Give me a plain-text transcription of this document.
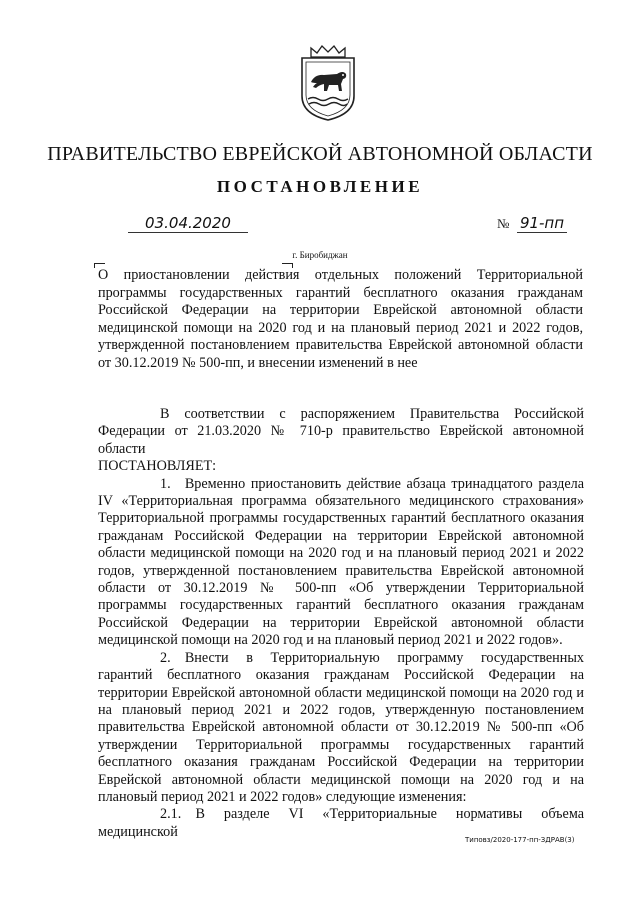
ПРАВИТЕЛЬСТВО ЕВРЕЙСКОЙ АВТОНОМНОЙ ОБЛАСТИ
ПОСТАНОВЛЕНИЕ
03.04.2020	№ 91-пп
г. Биробиджан
О приостановлении действия отдельных положений Территориальной программы государственных гарантий бесплатного оказания гражданам Российской Федерации на территории Еврейской автономной области медицинской помощи на 2020 год и на плановый период 2021 и 2022 годов, утвержденной постановлением правительства Еврейской автономной области от 30.12.2019 № 500-пп, и внесении изменений в нее

В соответствии с распоряжением Правительства Российской Федерации от 21.03.2020 № 710-р правительство Еврейской автономной области

ПОСТАНОВЛЯЕТ:

1. Временно приостановить действие абзаца тринадцатого раздела IV «Территориальная программа обязательного медицинского страхования» Территориальной программы государственных гарантий бесплатного оказания гражданам Российской Федерации на территории Еврейской автономной области медицинской помощи на 2020 год и на плановый период 2021 и 2022 годов, утвержденной постановлением правительства Еврейской автономной области от 30.12.2019 № 500-пп «Об утверждении Территориальной программы государственных гарантий бесплатного оказания гражданам Российской Федерации на территории Еврейской автономной области медицинской помощи на 2020 год и на плановый период 2021 и 2022 годов».

2. Внести в Территориальную программу государственных гарантий бесплатного оказания гражданам Российской Федерации на территории Еврейской автономной области медицинской помощи на 2020 год и на плановый период 2021 и 2022 годов, утвержденную постановлением правительства Еврейской автономной области от 30.12.2019 № 500-пп «Об утверждении Территориальной программы государственных гарантий бесплатного оказания гражданам Российской Федерации на территории Еврейской автономной области медицинской помощи на 2020 год и на плановый период 2021 и 2022 годов» следующие изменения:

2.1. В разделе VI «Территориальные нормативы объема медицинской

Типовз/2020-177-пп-ЗДРАВ(3)
